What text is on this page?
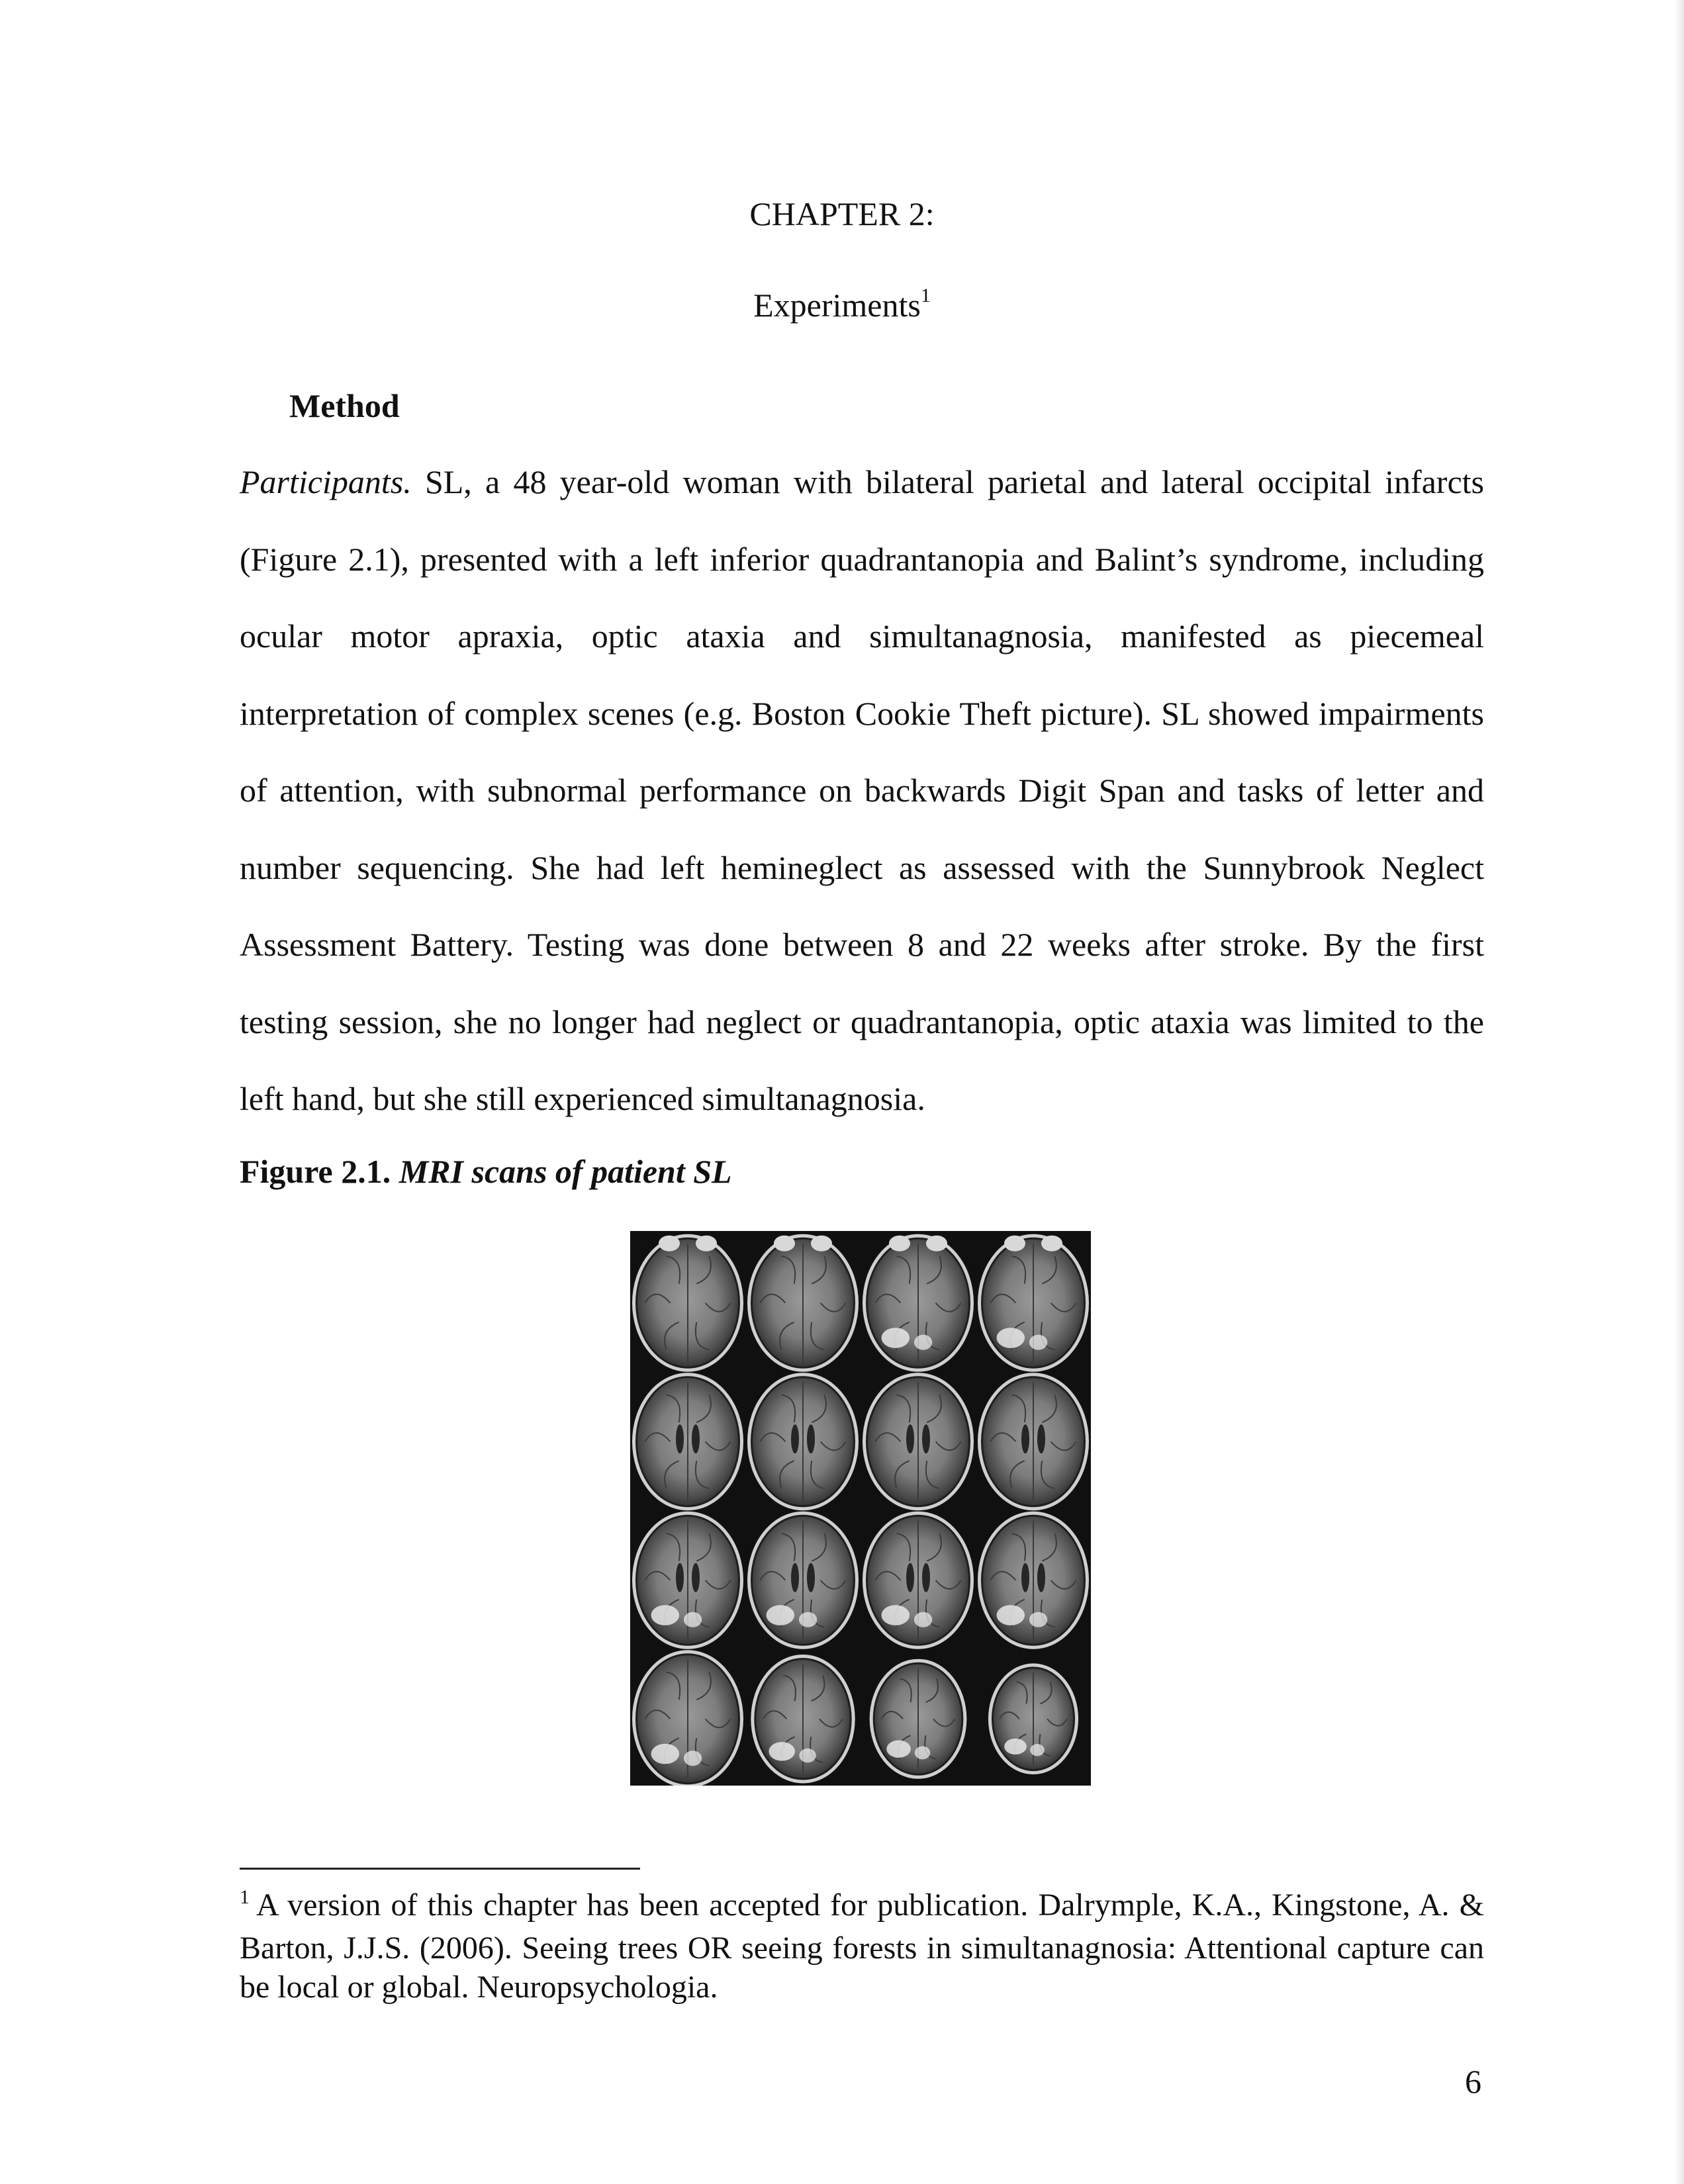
CHAPTER 2:
Experiments$^1$
Method
Participants. SL, a 48 year-old woman with bilateral parietal and lateral occipital infarcts (Figure 2.1), presented with a left inferior quadrantanopia and Balint’s syndrome, including ocular motor apraxia, optic ataxia and simultanagnosia, manifested as piecemeal interpretation of complex scenes (e.g. Boston Cookie Theft picture). SL showed impairments of attention, with subnormal performance on backwards Digit Span and tasks of letter and number sequencing. She had left hemineglect as assessed with the Sunnybrook Neglect Assessment Battery. Testing was done between 8 and 22 weeks after stroke. By the first testing session, she no longer had neglect or quadrantanopia, optic ataxia was limited to the left hand, but she still experienced simultanagnosia.
Figure 2.1. MRI scans of patient SL
$^1$ A version of this chapter has been accepted for publication. Dalrymple, K.A., Kingstone, A. & Barton, J.J.S. (2006). Seeing trees OR seeing forests in simultanagnosia: Attentional capture can be local or global. Neuropsychologia.
6
